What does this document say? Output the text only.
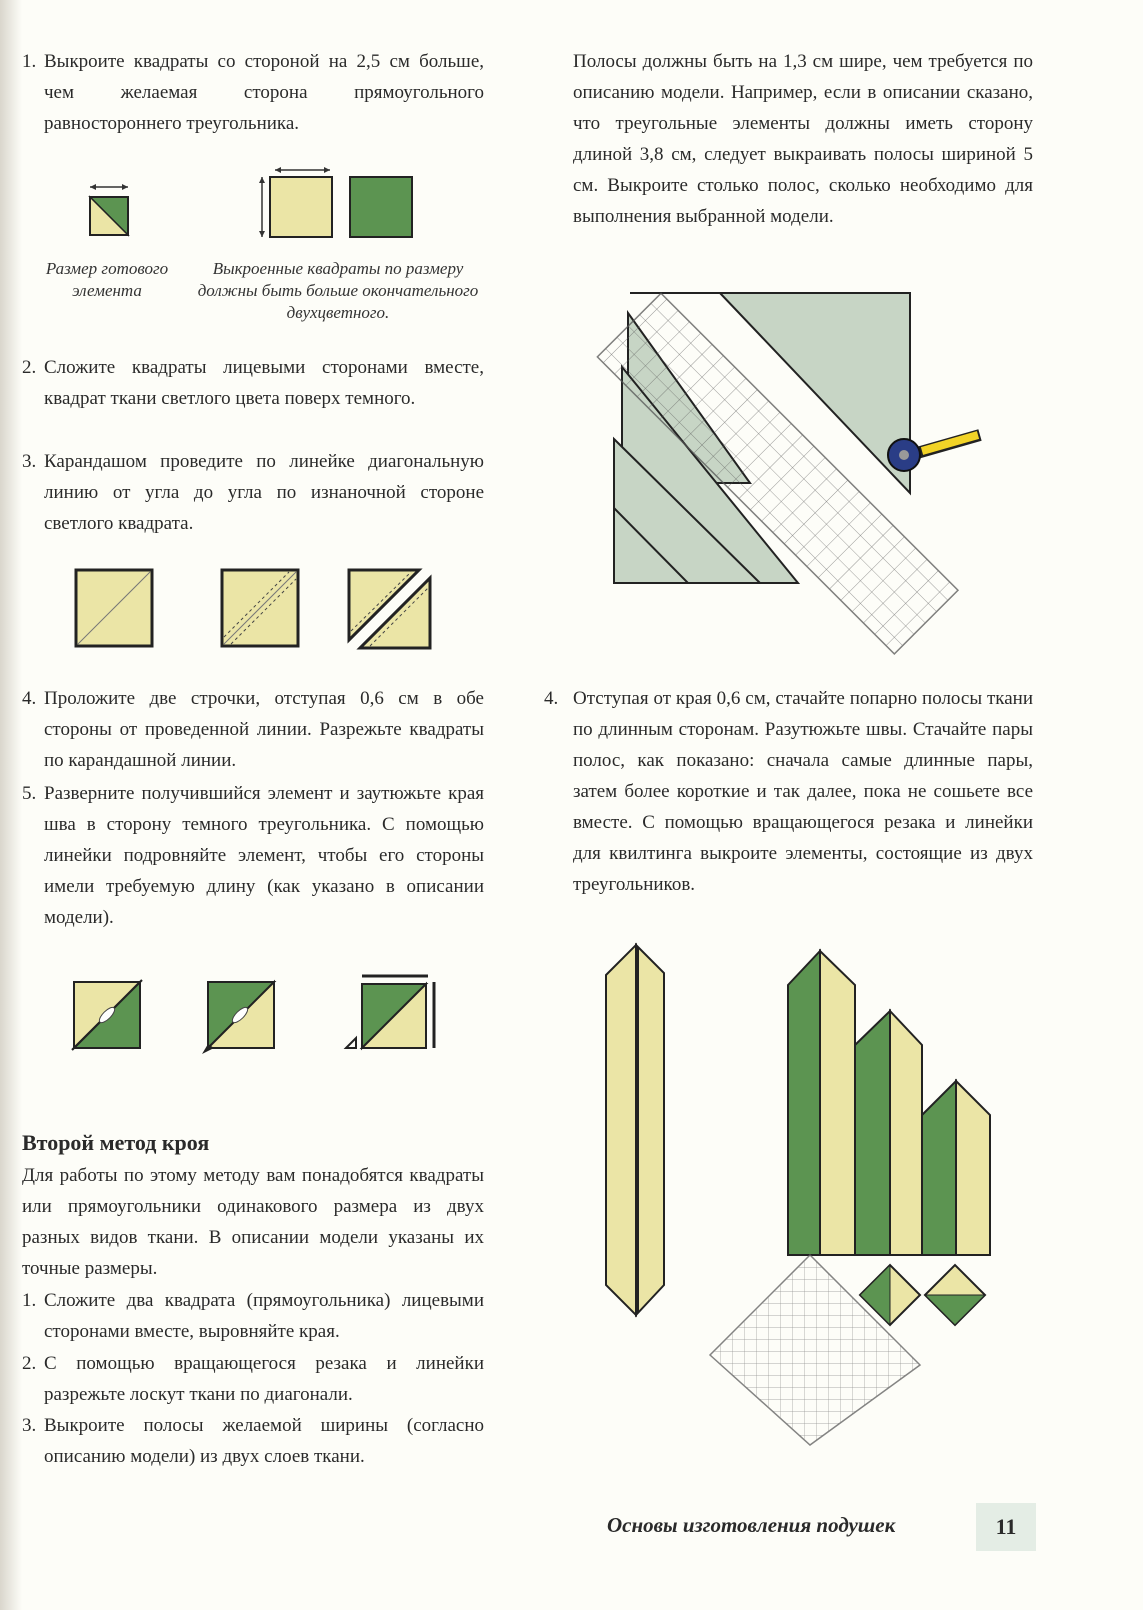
1. Выкроите квадраты со стороной на 2,5 см больше, чем желаемая сторона прямоугольного равностороннего треугольника.
Размер готового элемента
Выкроенные квадраты по размеру должны быть больше окончательного двухцветного.
2. Сложите квадраты лицевыми сторонами вместе, квадрат ткани светлого цвета поверх темного.
3. Карандашом проведите по линейке диагональную линию от угла до угла по изнаночной стороне светлого квадрата.
4. Проложите две строчки, отступая 0,6 см в обе стороны от проведенной линии. Разрежьте квадраты по карандашной линии.
5. Разверните получившийся элемент и заутюжьте края шва в сторону темного треугольника. С помощью линейки подровняйте элемент, чтобы его стороны имели требуемую длину (как указано в описании модели).
Второй метод кроя
Для работы по этому методу вам понадобятся квадраты или прямоугольники одинакового размера из двух разных видов ткани. В описании модели указаны их точные размеры.
1. Сложите два квадрата (прямоугольника) лицевыми сторонами вместе, выровняйте края.
2. С помощью вращающегося резака и линейки разрежьте лоскут ткани по диагонали.
3. Выкроите полосы желаемой ширины (согласно описанию модели) из двух слоев ткани.
Полосы должны быть на 1,3 см шире, чем требуется по описанию модели. Например, если в описании сказано, что треугольные элементы должны иметь сторону длиной 3,8 см, следует выкраивать полосы шириной 5 см. Выкроите столько полос, сколько необходимо для выполнения выбранной модели.
4. Отступая от края 0,6 см, стачайте попарно полосы ткани по длинным сторонам. Разутюжьте швы. Стачайте пары полос, как показано: сначала самые длинные пары, затем более короткие и так далее, пока не сошьете все вместе. С помощью вращающегося резака и линейки для квилтинга выкроите элементы, состоящие из двух треугольников.
Основы изготовления подушек	11
